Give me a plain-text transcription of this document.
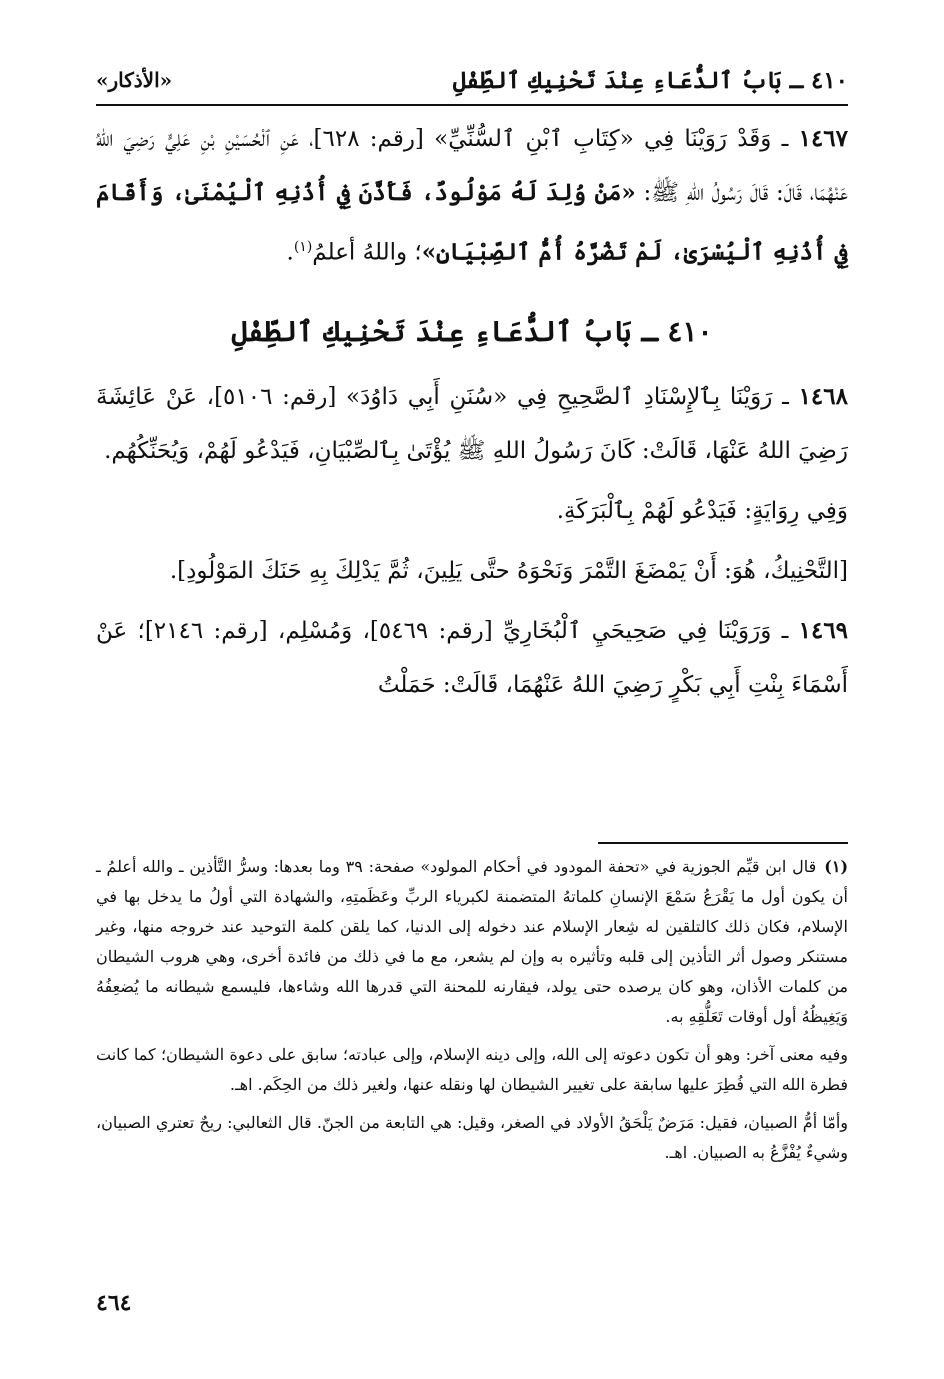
٤١٠ ـ بَابُ ٱلدُّعَاءِ عِنْدَ تَحْنِيكِ ٱلطِّفْلِ
«الأذكار»

١٤٦٧ ـ وَقَدْ رَوَيْنَا فِي «كِتَابِ ٱبْنِ ٱلسُّنِّيِّ» [رقم: ٦٢٨]، عَنِ ٱلْحُسَيْنِ بْنِ عَلِيٍّ رَضِيَ اللهُ عَنْهُمَا، قَالَ: قَالَ رَسُولُ اللهِ ﷺ: «مَنْ وُلِدَ لَهُ مَوْلُودٌ، فَأَذَّنَ فِي أُذُنِهِ ٱلْيُمْنَىٰ، وَأَقَامَ فِي أُذُنِهِ ٱلْيُسْرَىٰ، لَمْ تَضُرَّهُ أُمُّ ٱلصِّبْيَانِ»؛ واللهُ أعلمُ$^{(١)}$.

٤١٠ ـ بَابُ ٱلدُّعَاءِ عِنْدَ تَحْنِيكِ ٱلطِّفْلِ

١٤٦٨ ـ رَوَيْنَا بِٱلإِسْنَادِ ٱلصَّحِيحِ فِي «سُنَنِ أَبِي دَاوُدَ» [رقم: ٥١٠٦]، عَنْ عَائِشَةَ رَضِيَ اللهُ عَنْهَا، قَالَتْ: كَانَ رَسُولُ اللهِ ﷺ يُؤْتَىٰ بِٱلصِّبْيَانِ، فَيَدْعُو لَهُمْ، وَيُحَنِّكُهُم.

وَفِي رِوَايَةٍ: فَيَدْعُو لَهُمْ بِٱلْبَرَكَةِ.

[التَّحْنِيكُ، هُوَ: أَنْ يَمْضَغَ التَّمْرَ وَنَحْوَهُ حتَّى يَلِينَ، ثُمَّ يَدْلِكَ بِهِ حَنَكَ المَوْلُودِ].

١٤٦٩ ـ وَرَوَيْنَا فِي صَحِيحَيِ ٱلْبُخَارِيِّ [رقم: ٥٤٦٩]، وَمُسْلِم، [رقم: ٢١٤٦]؛ عَنْ أَسْمَاءَ بِنْتِ أَبِي بَكْرٍ رَضِيَ اللهُ عَنْهُمَا، قَالَتْ: حَمَلْتُ

(١)قال ابن قيِّم الجوزية في «تحفة المودود في أحكام المولود» صفحة: ٣٩ وما بعدها: وسرُّ التَّأذين ـ والله أعلمُ ـ أن يكون أول ما يَقْرَعُ سَمْعَ الإنسانِ كلماتهُ المتضمنة لكبرياء الربِّ وعَظَمتِهِ، والشهادة التي أولُ ما يدخل بها في الإسلام، فكان ذلك كالتلقين له شِعار الإسلام عند دخوله إلى الدنيا، كما يلقن كلمة التوحيد عند خروجه منها، وغير مستنكر وصول أثر التأذين إلى قلبه وتأثيره به وإن لم يشعر، مع ما في ذلك من فائدة أخرى، وهي هروب الشيطان من كلمات الأذان، وهو كان يرصده حتى يولد، فيقارنه للمحنة التي قدرها الله وشاءها، فليسمع شيطانه ما يُضعِفُهُ وَيَغِيظُهُ أول أوقات تَعَلُّقِهِ به.

وفيه معنى آخر: وهو أن تكون دعوته إلى الله، وإلى دينه الإسلام، وإلى عبادته؛ سابق على دعوة الشيطان؛ كما كانت فطرة الله التي فُطِرَ عليها سابقة على تغيير الشيطان لها ونقله عنها، ولغير ذلك من الحِكَم. اهـ.

وأمّا أمُّ الصبيان، فقيل: مَرَضٌ يَلْحَقُ الأولاد في الصغر، وقيل: هي التابعة من الجنّ. قال الثعالبي: ريحٌ تعتري الصبيان، وشيءٌ يُفْزَّعُ به الصبيان. اهـ.

٤٦٤
